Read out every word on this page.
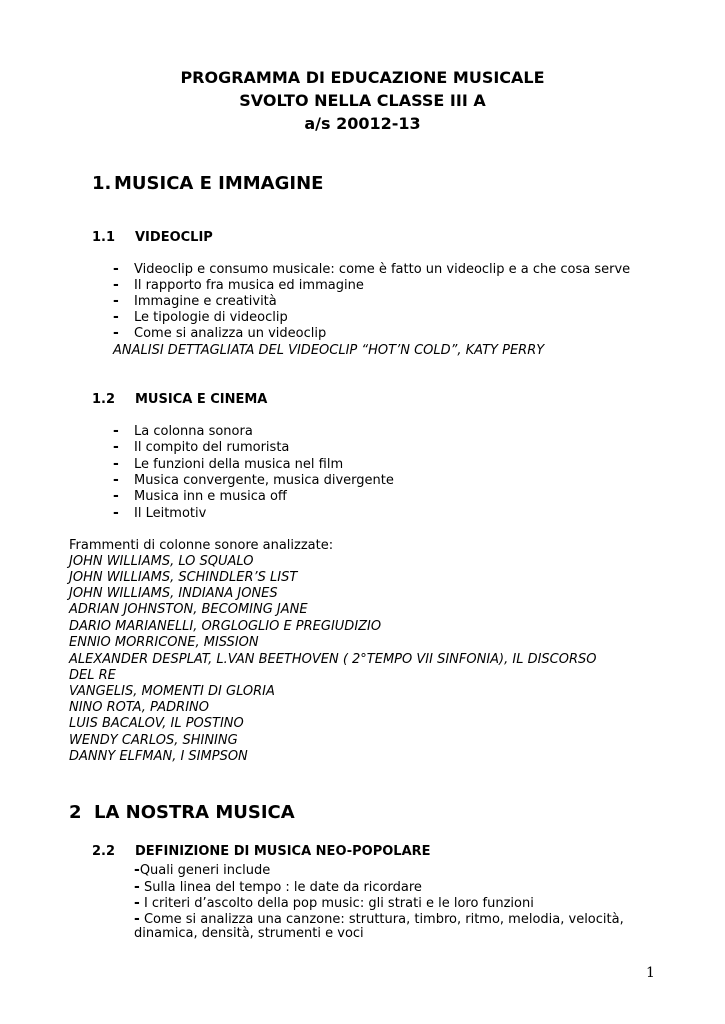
PROGRAMMA DI EDUCAZIONE MUSICALE
SVOLTO NELLA CLASSE III A
a/s 20012-13
1. MUSICA E IMMAGINE
1.1 VIDEOCLIP
- Videoclip e consumo musicale: come è fatto un videoclip e a che cosa serve
- Il rapporto fra musica ed immagine
- Immagine e creatività
- Le tipologie di videoclip
- Come si analizza un videoclip
ANALISI DETTAGLIATA DEL VIDEOCLIP “HOT’N COLD”, KATY PERRY
1.2 MUSICA E CINEMA
- La colonna sonora
- Il compito del rumorista
- Le funzioni della musica nel film
- Musica convergente, musica divergente
- Musica inn e musica off
- Il Leitmotiv
Frammenti di colonne sonore analizzate:
JOHN WILLIAMS, LO SQUALO
JOHN WILLIAMS, SCHINDLER’S LIST
JOHN WILLIAMS, INDIANA JONES
ADRIAN JOHNSTON, BECOMING JANE
DARIO MARIANELLI, ORGLOGLIO E PREGIUDIZIO
ENNIO MORRICONE, MISSION
ALEXANDER DESPLAT, L.VAN BEETHOVEN ( 2°TEMPO VII SINFONIA), IL DISCORSO
DEL RE
VANGELIS, MOMENTI DI GLORIA
NINO ROTA, PADRINO
LUIS BACALOV, IL POSTINO
WENDY CARLOS, SHINING
DANNY ELFMAN, I SIMPSON
2 LA NOSTRA MUSICA
2.2 DEFINIZIONE DI MUSICA NEO-POPOLARE
-Quali generi include
- Sulla linea del tempo : le date da ricordare
- I criteri d’ascolto della pop music: gli strati e le loro funzioni
- Come si analizza una canzone: struttura, timbro, ritmo, melodia, velocità,
dinamica, densità, strumenti e voci
1
